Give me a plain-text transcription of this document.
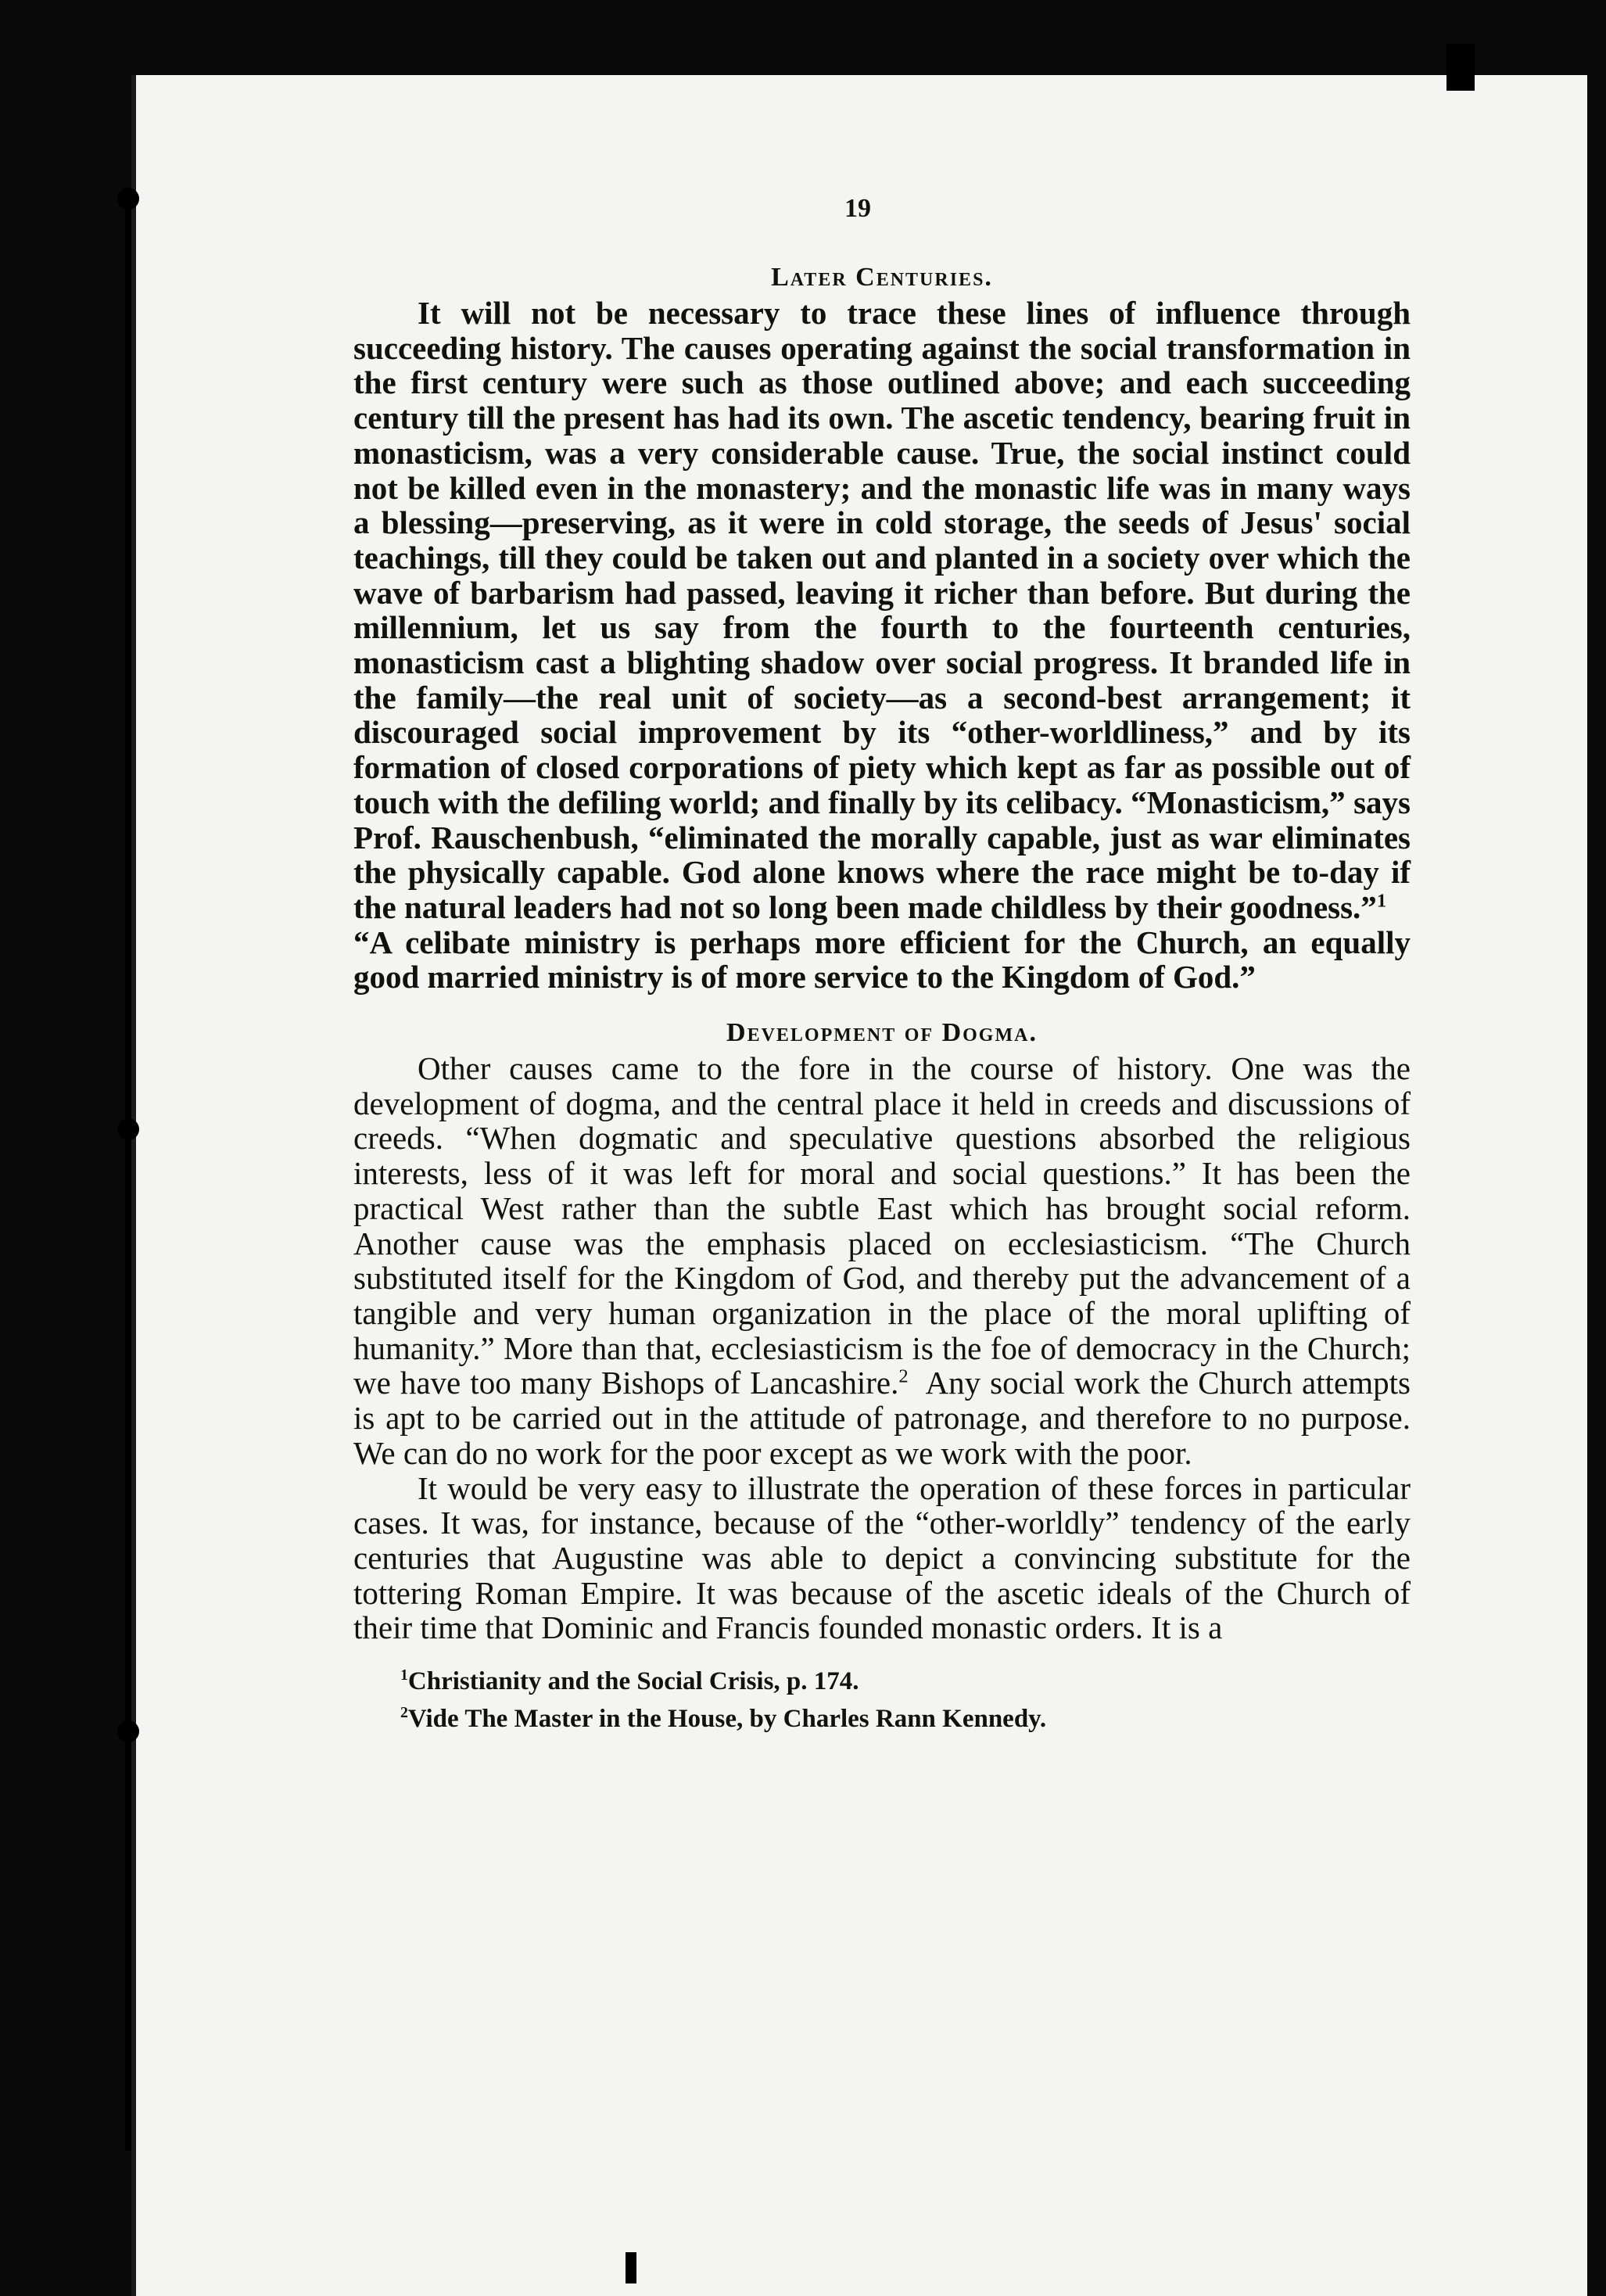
19
Later Centuries.

It will not be necessary to trace these lines of influence through succeeding history. The causes operating against the social transformation in the first century were such as those outlined above; and each succeeding century till the present has had its own. The ascetic tendency, bearing fruit in monasticism, was a very considerable cause. True, the social instinct could not be killed even in the monastery; and the monastic life was in many ways a blessing—preserving, as it were in cold storage, the seeds of Jesus' social teachings, till they could be taken out and planted in a society over which the wave of barbarism had passed, leaving it richer than before. But during the millennium, let us say from the fourth to the fourteenth centuries, monasticism cast a blighting shadow over social progress. It branded life in the family—the real unit of society—as a second-best arrangement; it discouraged social improvement by its “other-worldliness,” and by its formation of closed corporations of piety which kept as far as possible out of touch with the defiling world; and finally by its celibacy. “Monasticism,” says Prof. Rauschenbush, “eliminated the morally capable, just as war eliminates the physically capable. God alone knows where the race might be to-day if the natural leaders had not so long been made childless by their goodness.”$^1$    “A celibate ministry is perhaps more efficient for the Church, an equally good married ministry is of more service to the Kingdom of God.”

Development of Dogma.

Other causes came to the fore in the course of history. One was the development of dogma, and the central place it held in creeds and discussions of creeds. “When dogmatic and speculative questions absorbed the religious interests, less of it was left for moral and social questions.” It has been the practical West rather than the subtle East which has brought social reform. Another cause was the emphasis placed on ecclesiasticism. “The Church substituted itself for the Kingdom of God, and thereby put the advancement of a tangible and very human organization in the place of the moral uplifting of humanity.” More than that, ecclesiasticism is the foe of democracy in the Church; we have too many Bishops of Lancashire.$^2$ Any social work the Church attempts is apt to be carried out in the attitude of patronage, and therefore to no purpose. We can do no work for the poor except as we work with the poor.

It would be very easy to illustrate the operation of these forces in particular cases. It was, for instance, because of the “other-worldly” tendency of the early centuries that Augustine was able to depict a convincing substitute for the tottering Roman Empire. It was because of the ascetic ideals of the Church of their time that Dominic and Francis founded monastic orders. It is a

$^1$Christianity and the Social Crisis, p. 174.

$^2$Vide The Master in the House, by Charles Rann Kennedy.
